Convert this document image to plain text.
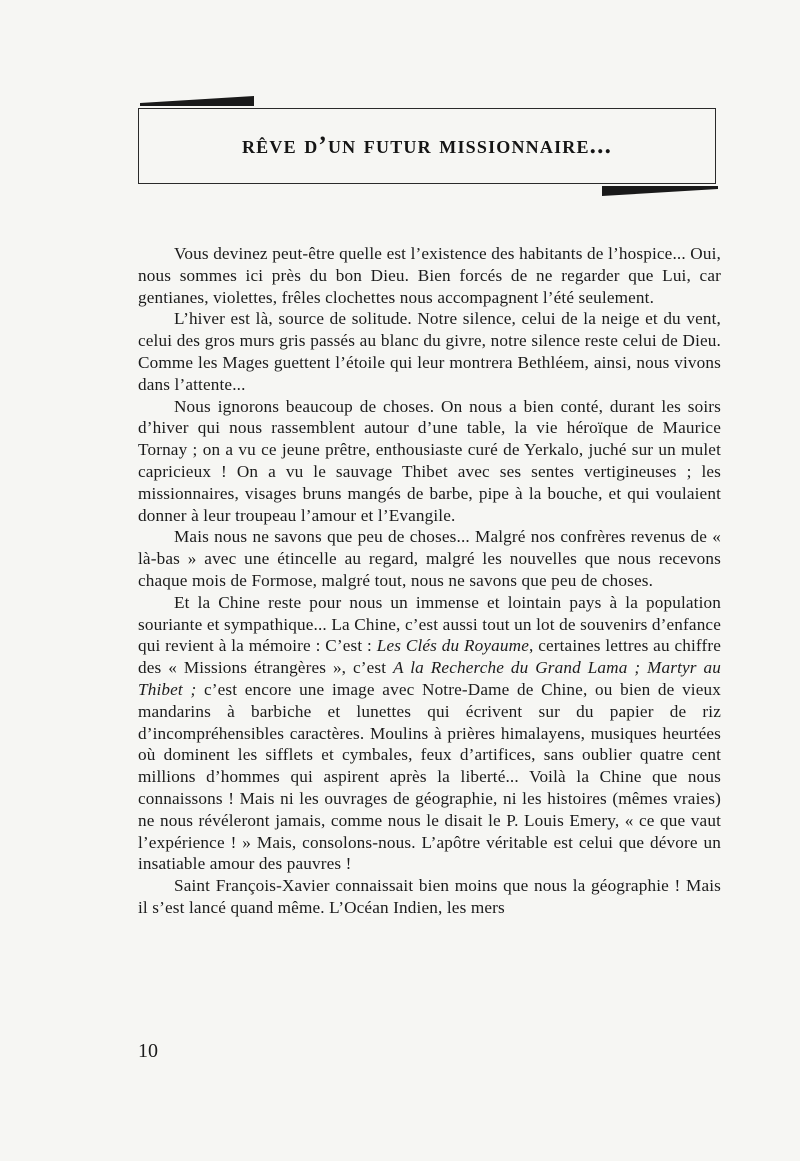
rêve d’un futur missionnaire...

Vous devinez peut-être quelle est l’existence des habitants de l’hospice... Oui, nous sommes ici près du bon Dieu. Bien forcés de ne regarder que Lui, car gentianes, violettes, frêles clochettes nous accompagnent l’été seulement.

L’hiver est là, source de solitude. Notre silence, celui de la neige et du vent, celui des gros murs gris passés au blanc du givre, notre silence reste celui de Dieu. Comme les Mages guettent l’étoile qui leur montrera Bethléem, ainsi, nous vivons dans l’attente...

Nous ignorons beaucoup de choses. On nous a bien conté, durant les soirs d’hiver qui nous rassemblent autour d’une table, la vie héroïque de Maurice Tornay ; on a vu ce jeune prêtre, enthousiaste curé de Yerkalo, juché sur un mulet capricieux ! On a vu le sauvage Thibet avec ses sentes vertigineuses ; les missionnaires, visages bruns mangés de barbe, pipe à la bouche, et qui voulaient donner à leur troupeau l’amour et l’Evangile.

Mais nous ne savons que peu de choses... Malgré nos confrères revenus de « là-bas » avec une étincelle au regard, malgré les nouvelles que nous recevons chaque mois de Formose, malgré tout, nous ne savons que peu de choses.

Et la Chine reste pour nous un immense et lointain pays à la population souriante et sympathique... La Chine, c’est aussi tout un lot de souvenirs d’enfance qui revient à la mémoire : C’est : Les Clés du Royaume, certaines lettres au chiffre des « Missions étrangères », c’est A la Recherche du Grand Lama ; Martyr au Thibet ; c’est encore une image avec Notre-Dame de Chine, ou bien de vieux mandarins à barbiche et lunettes qui écrivent sur du papier de riz d’incompréhensibles caractères. Moulins à prières himalayens, musiques heurtées où dominent les sifflets et cymbales, feux d’artifices, sans oublier quatre cent millions d’hommes qui aspirent après la liberté... Voilà la Chine que nous connaissons ! Mais ni les ouvrages de géographie, ni les histoires (mêmes vraies) ne nous révéleront jamais, comme nous le disait le P. Louis Emery, « ce que vaut l’expérience ! » Mais, consolons-nous. L’apôtre véritable est celui que dévore un insatiable amour des pauvres !

Saint François-Xavier connaissait bien moins que nous la géographie ! Mais il s’est lancé quand même. L’Océan Indien, les mers

10
